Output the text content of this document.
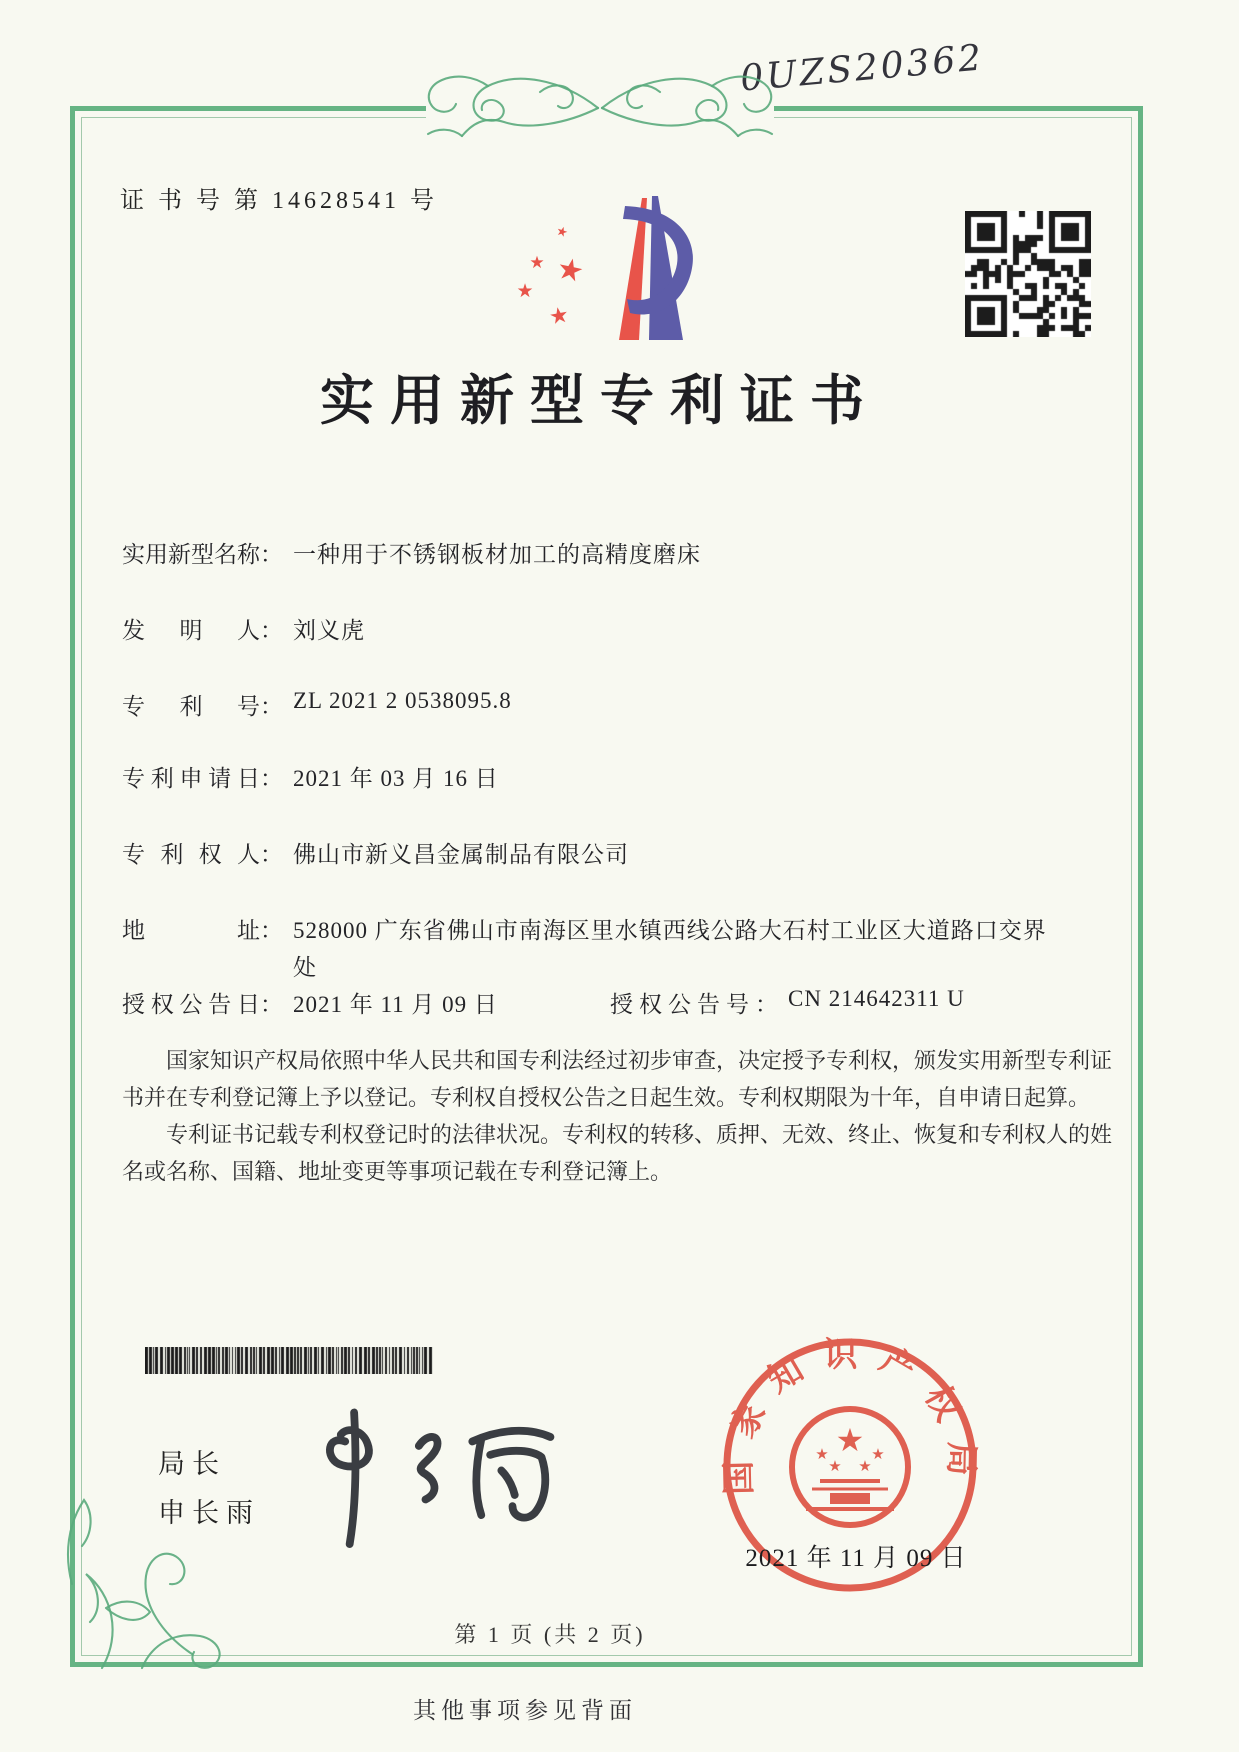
0UZS20362
证 书 号 第 14628541 号
★
★ ★
★
★
实用新型专利证书
实用新型名称 ： 一种用于不锈钢板材加工的高精度磨床
发明人 ： 刘义虎
专利号 ： ZL 2021 2 0538095.8
专利申请日 ： 2021 年 03 月 16 日
专利权人 ： 佛山市新义昌金属制品有限公司
地址 ： 528000 广东省佛山市南海区里水镇西线公路大石村工业区大道路口交界处
授权公告日 ： 2021 年 11 月 09 日	授权公告号 ： CN 214642311 U

国家知识产权局依照中华人民共和国专利法经过初步审查，决定授予专利权，颁发实用新型专利证书并在专利登记簿上予以登记。专利权自授权公告之日起生效。专利权期限为十年，自申请日起算。

专利证书记载专利权登记时的法律状况。专利权的转移、质押、无效、终止、恢复和专利权人的姓名或名称、国籍、地址变更等事项记载在专利登记簿上。

局长
申长雨
国家知识产权局
★
★	★
★ ★
2021 年 11 月 09 日
第 1 页 (共 2 页)
其他事项参见背面
